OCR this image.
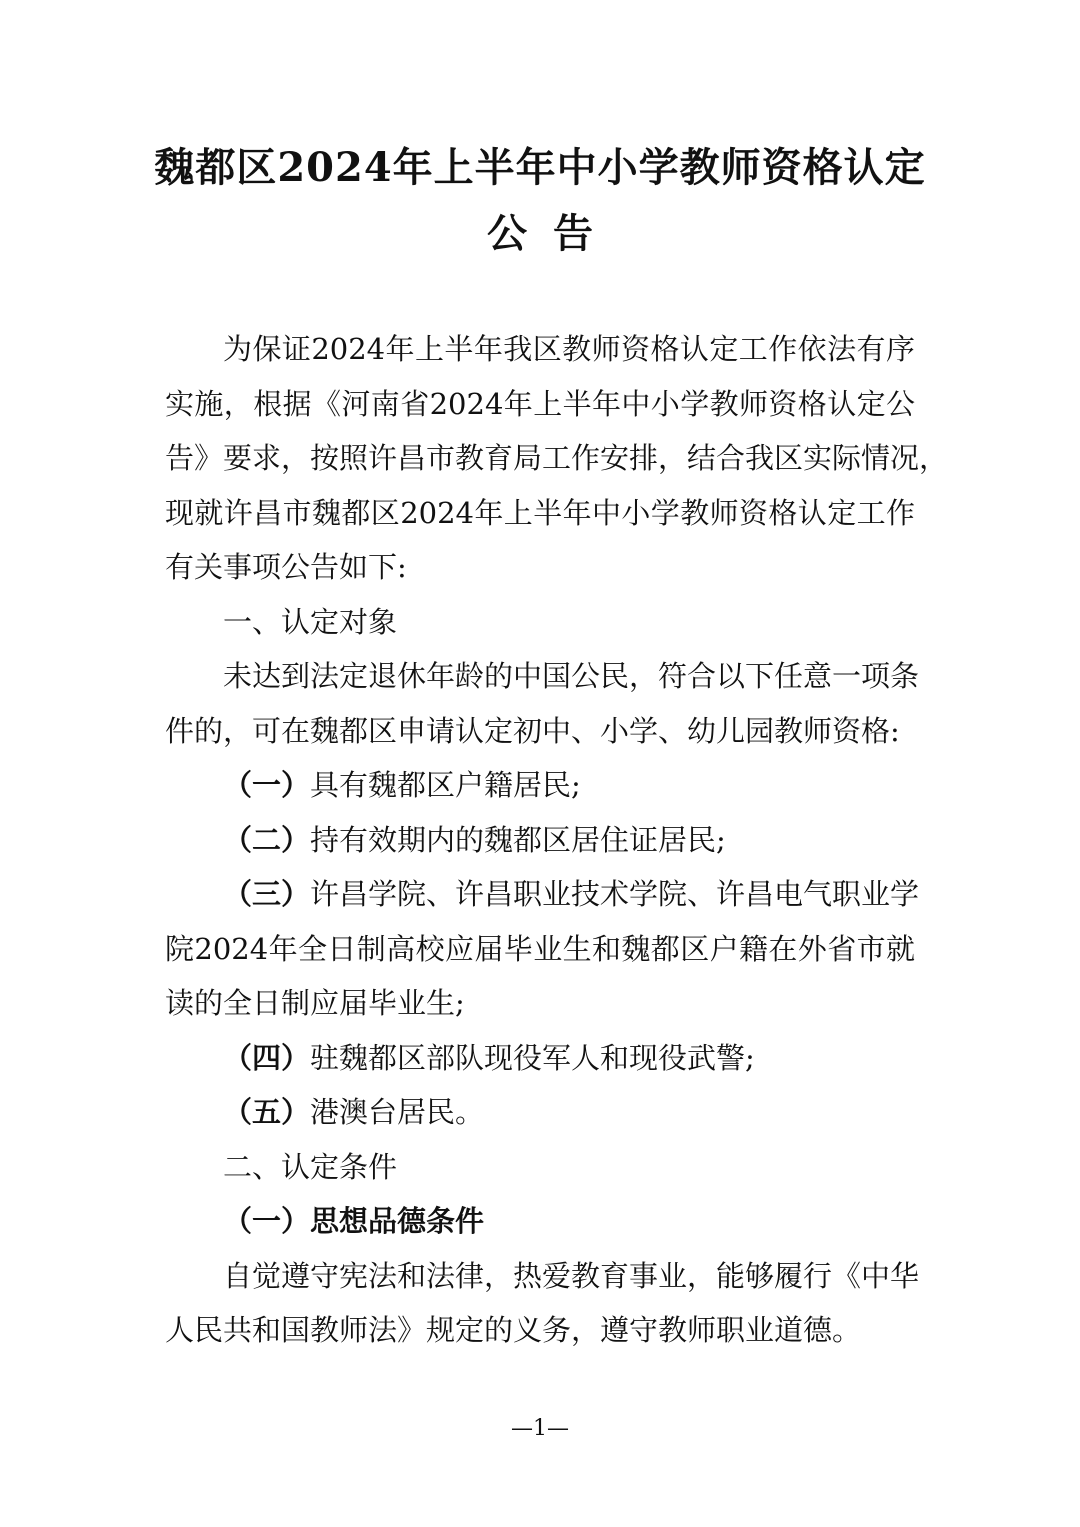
魏都区2024年上半年中小学教师资格认定
公告
为保证2024年上半年我区教师资格认定工作依法有序
实施，根据《河南省2024年上半年中小学教师资格认定公
告》要求，按照许昌市教育局工作安排，结合我区实际情况，
现就许昌市魏都区2024年上半年中小学教师资格认定工作
有关事项公告如下:
一、认定对象
未达到法定退休年龄的中国公民，符合以下任意一项条
件的，可在魏都区申请认定初中、小学、幼儿园教师资格:
（一）具有魏都区户籍居民;
（二）持有效期内的魏都区居住证居民;
（三）许昌学院、许昌职业技术学院、许昌电气职业学
院2024年全日制高校应届毕业生和魏都区户籍在外省市就
读的全日制应届毕业生;
（四）驻魏都区部队现役军人和现役武警;
（五）港澳台居民。
二、认定条件
（一）思想品德条件
自觉遵守宪法和法律，热爱教育事业，能够履行《中华
人民共和国教师法》规定的义务，遵守教师职业道德。
—1—
